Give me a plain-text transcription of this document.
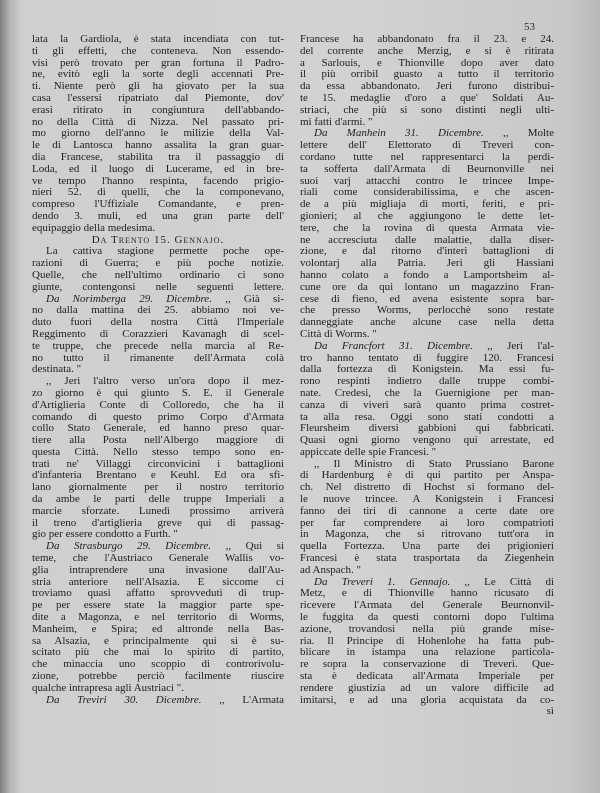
53
lata la Gardiola, è stata incendiata con tut-
ti gli effetti, che conteneva. Non essendo-
visi però trovato per gran fortuna il Padro-
ne, evitò egli la sorte degli accennati Pre-
ti. Niente però gli ha giovato per la sua
casa l'essersi ripatriato dal Piemonte, dov'
erasi ritirato in congiuntura dell'abbando-
no della Città di Nizza. Nel passato pri-
mo giorno dell'anno le milizie della Val-
le di Lantosca hanno assalita la gran guar-
dia Francese, stabilita tra il passaggio di
Loda, ed il luogo di Lucerame, ed in bre-
ve tempo l'hanno respinta, facendo prigio-
nieri 52. di quelli, che la componevano,
compreso l'Uffiziale Comandante, e pren-
dendo 3. muli, ed una gran parte dell'
equipaggio della medesima.
Da Trento 15. Gennajo.
La cattiva stagione permette poche ope-
razioni di Guerra; e più poche notizie.
Quelle, che nell'ultimo ordinario ci sono
giunte, contengonsi nelle seguenti lettere.
Da Norimberga 29. Dicembre. ,, Già si-
no dalla mattina dei 25. abbiamo noi ve-
duto fuori della nostra Città l'Imperiale
Reggimento di Corazzieri Kavanagh di scel-
te truppe, che precede nella marcia al Re-
no tutto il rimanente dell'Armata colà
destinata. "
,, Jeri l'altro verso un'ora dopo il mez-
zo giorno è qui giunto S. E. il Generale
d'Artiglieria Conte di Colloredo, che ha il
comando di questo primo Corpo d'Armata
collo Stato Generale, ed hanno preso quar-
tiere alla Posta nell'Albergo maggiore di
questa Città. Nello stesso tempo sono en-
trati ne' Villaggi circonvicini i battaglioni
d'infanteria Brentano e Keuhl. Ed ora sfi-
lano giornalmente per il nostro territorio
da ambe le parti delle truppe Imperiali a
marcie sforzate. Lunedì prossimo arriverà
il treno d'artiglieria greve qui di passag-
gio per essere condotto a Furth. "
Da Strasburgo 29. Dicembre. ,, Qui si
teme, che l'Austriaco Generale Wallis vo-
glia intraprendere una invasione dall'Au-
stria anteriore nell'Alsazia. E siccome ci
troviamo quasi affatto sprovveduti di trup-
pe per essere state la maggior parte spe-
dite a Magonza, e nel territorio di Worms,
Manheim, e Spira; ed altronde nella Bas-
sa Alsazia, e principalmente qui si è su-
scitato più che mai lo spirito di partito,
che minaccia uno scoppio di controrivolu-
zione, potrebbe perciò facilmente riuscire
qualche intrapresa agli Austriaci ".
Da Treviri 30. Dicembre. ,, L'Armata
Francese ha abbandonato fra il 23. e 24.
del corrente anche Merzig, e si è ritirata
a Sarlouis, e Thionville dopo aver dato
il più orribil guasto a tutto il territorio
da essa abbandonato. Jeri furono distribui-
te 15. medaglie d'oro a que' Soldati Au-
striaci, che più si sono distinti negli ulti-
mi fatti d'armi. "
Da Manhein 31. Dicembre. ,, Molte
lettere dell' Elettorato di Treveri con-
cordano tutte nel rappresentarci la perdi-
ta sofferta dall'Armata di Beurnonville nei
suoi varj attacchi contro le trincee Impe-
riali come considerabilissima, e che ascen-
de a più migliaja di morti, feriti, e pri-
gionieri; al che aggiungono le dette let-
tere, che la rovina di questa Armata vie-
ne accresciuta dalle malattie, dalla diser-
zione, e dal ritorno d'interi battaglioni di
volontarj alla Patria. Jeri gli Hassiani
hanno colato a fondo a Lamportsheim al-
cune ore da qui lontano un magazzino Fran-
cese di fieno, ed avena esistente sopra bar-
che presso Worms, perlocchè sono restate
danneggiate anche alcune case nella detta
Città di Worms. "
Da Francfort 31. Dicembre. ,, Jeri l'al-
tro hanno tentato di fuggire 120. Francesi
dalla fortezza di Konigstein. Ma essi fu-
rono respinti indietro dalle truppe combi-
nate. Credesi, che la Guernigione per man-
canza di viveri sarà quanto prima costret-
ta alla resa. Oggi sono stati condotti a
Fleursheim diversi gabbioni qui fabbricati.
Quasi ogni giorno vengono qui arrestate, ed
appiccate delle spie Francesi. "
,, Il Ministro di Stato Prussiano Barone
di Hardenburg è di qui partito per Anspa-
ch. Nel distretto di Hochst si formano del-
le nuove trincee. A Konigstein i Francesi
fanno dei tiri di cannone a certe date ore
per far comprendere ai loro compatrioti
in Magonza, che si ritrovano tutt'ora in
quella Fortezza. Una parte dei prigionieri
Francesi è stata trasportata da Ziegenhein
ad Anspach. "
Da Treveri 1. Gennajo. ,, Le Città di
Metz, e di Thionville hanno ricusato di
ricevere l'Armata del Generale Beurnonvil-
le fuggita da questi contorni dopo l'ultima
azione, trovandosi nella più grande mise-
ria. Il Principe di Hohenlohe ha fatta pub-
blicare in istampa una relazione particola-
re sopra la conservazione di Treveri. Que-
sta è dedicata all'Armata Imperiale per
rendere giustizia ad un valore difficile ad
imitarsi, e ad una gloria acquistata da co-
sì
